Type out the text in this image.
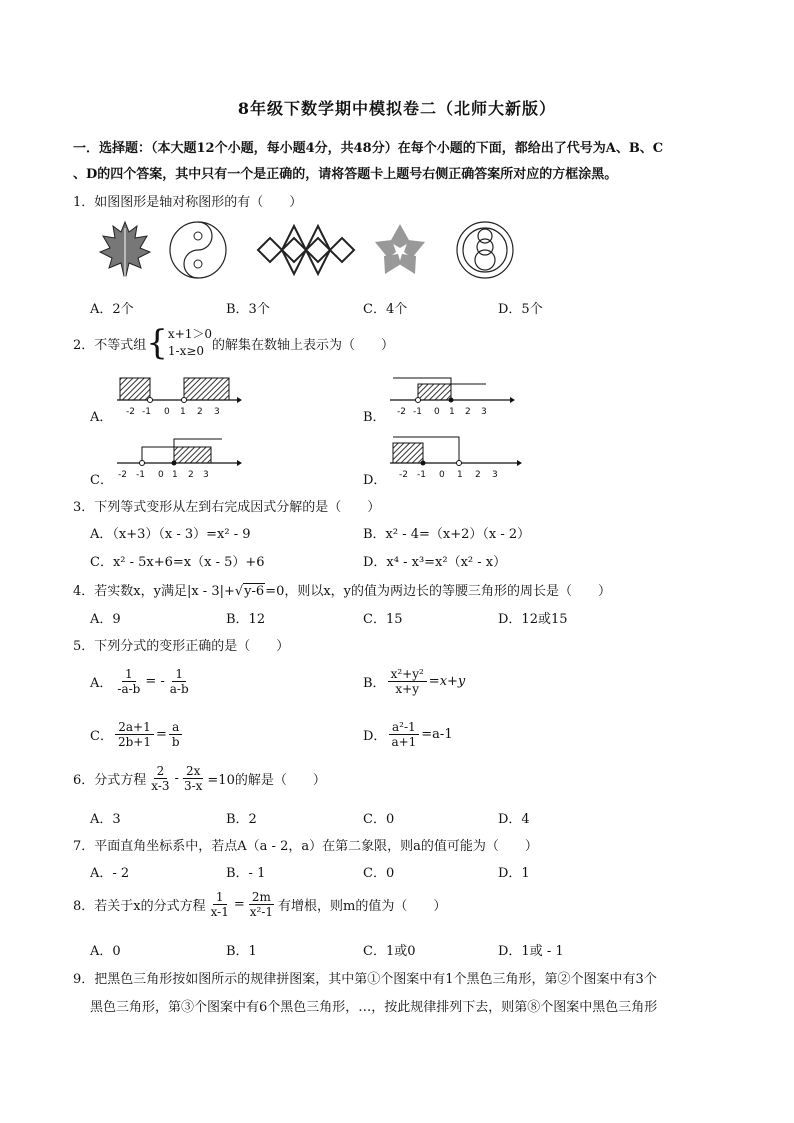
8年级下数学期中模拟卷二（北师大新版）
一．选择题：（本大题12个小题，每小题4分，共48分）在每个小题的下面，都给出了代号为A、B、C
、D的四个答案，其中只有一个是正确的，请将答题卡上题号右侧正确答案所对应的方框涂黑。
1．如图图形是轴对称图形的有（　　）
A．2个	B．3个	C．4个	D．5个
2．不等式组 { x+1＞0
1-x≥0 的解集在数轴上表示为（　　）
A． -2 -1 0 1 2 3	B． -2 -1 0 1 2 3
C． -2 -1 0 1 2 3	D． -2 -1 0 1 2 3
3．下列等式变形从左到右完成因式分解的是（　　）
A．（x+3）（x - 3）=x² - 9	B．x² - 4=（x+2）（x - 2）
C．x² - 5x+6=x（x - 5）+6	D．x⁴ - x³=x²（x² - x）
4．若实数x，y满足|x - 3|+√y-6=0，则以x，y的值为两边长的等腰三角形的周长是（　　）
A．9	B．12	C．15	D．12或15
5．下列分式的变形正确的是（　　）
A． $\frac{1}{-a-b}$ = - $\frac{1}{a-b}$	B． $\frac{\text{x²+y²}}{x+y} =x+y$
C． $\frac{2a+1}{2b+1} = \frac{a}{b}$	D． $\frac{\text{a²-1}}{a+1} =a-1$
6．分式方程 $\frac{2}{x-3} - \frac{2x}{3-x} =10$的解是（　　）
A．3	B．2	C．0	D．4
7．平面直角坐标系中，若点A（a - 2，a）在第二象限，则a的值可能为（　　）
A．- 2	B．- 1	C．0	D．1
8．若关于x的分式方程 $\frac{1}{x-1} = \frac{2m}{\text{x²-1}}$ 有增根，则m的值为（　　）
A．0	B．1	C．1或0	D．1或 - 1
9．把黑色三角形按如图所示的规律拼图案，其中第①个图案中有1个黑色三角形，第②个图案中有3个
黑色三角形，第③个图案中有6个黑色三角形，…，按此规律排列下去，则第⑧个图案中黑色三角形
